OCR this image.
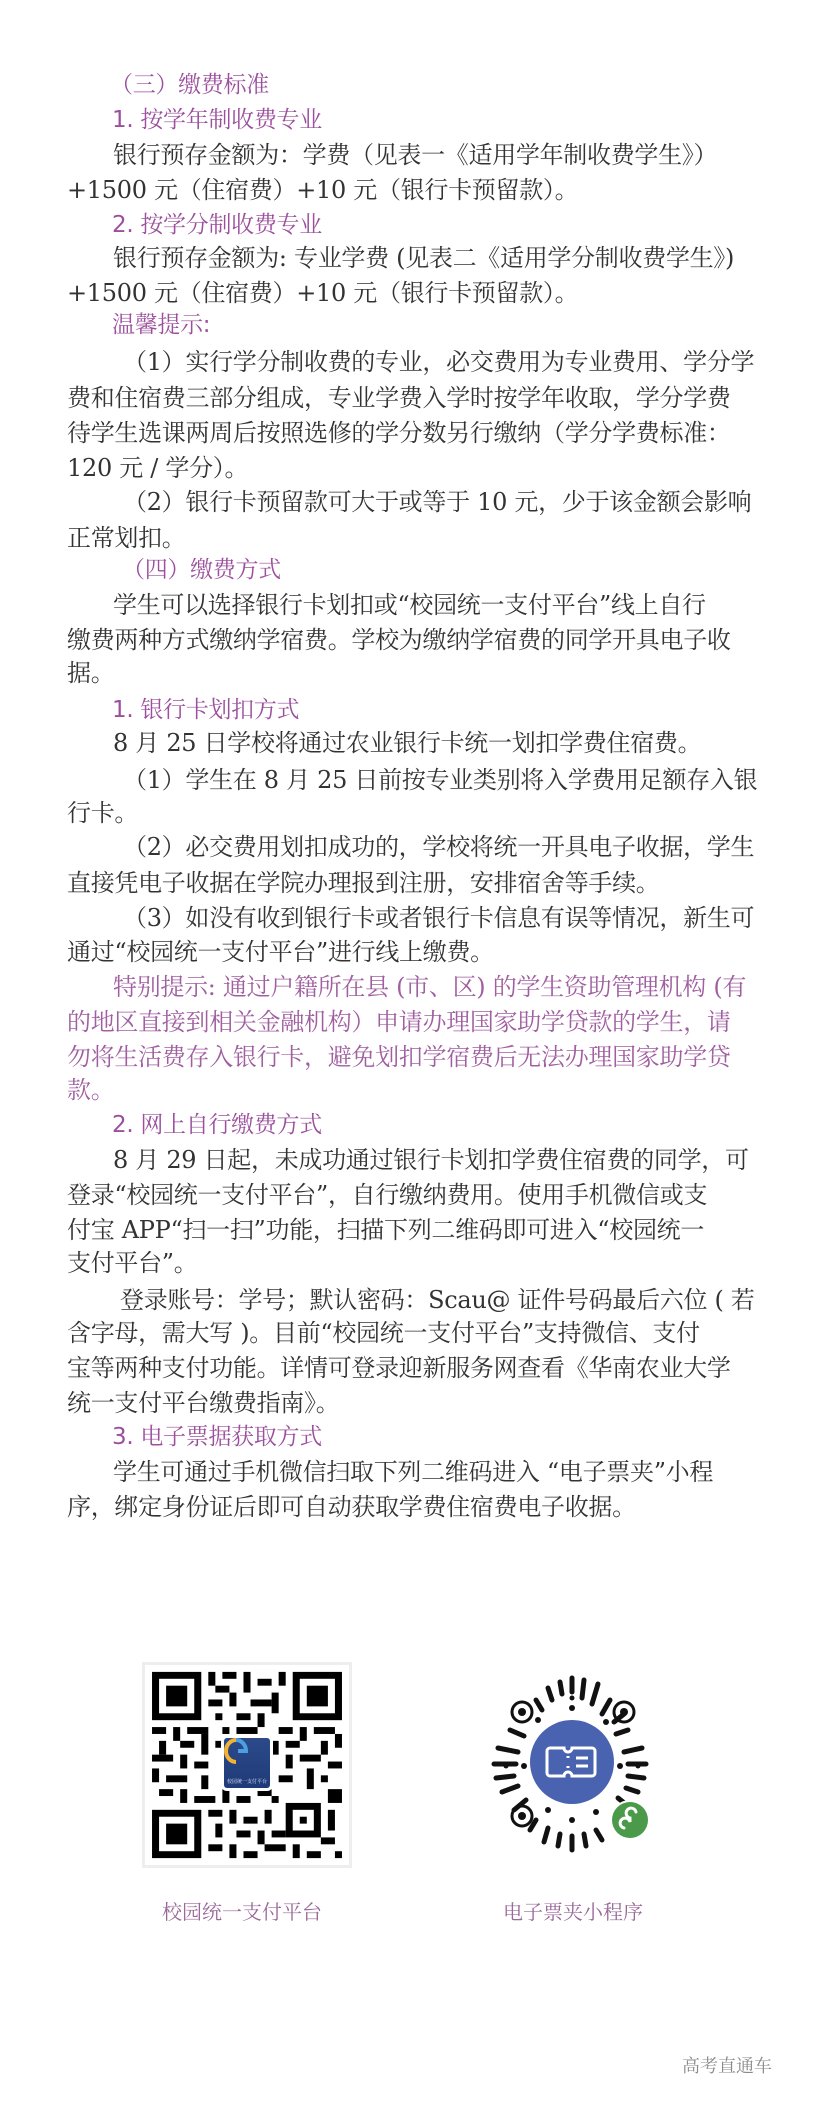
（三）缴费标准
1. 按学年制收费专业
银行预存金额为：学费（见表一《适用学年制收费学生》）
+1500 元（住宿费）+10 元（银行卡预留款）。
2. 按学分制收费专业
银行预存金额为: 专业学费 (见表二《适用学分制收费学生》)
+1500 元（住宿费）+10 元（银行卡预留款）。
温馨提示:
（1）实行学分制收费的专业，必交费用为专业费用、学分学
费和住宿费三部分组成，专业学费入学时按学年收取，学分学费
待学生选课两周后按照选修的学分数另行缴纳（学分学费标准：
120 元 / 学分）。
（2）银行卡预留款可大于或等于 10 元，少于该金额会影响
正常划扣。
（四）缴费方式
学生可以选择银行卡划扣或“校园统一支付平台”线上自行
缴费两种方式缴纳学宿费。学校为缴纳学宿费的同学开具电子收
据。
1. 银行卡划扣方式
8 月 25 日学校将通过农业银行卡统一划扣学费住宿费。
（1）学生在 8 月 25 日前按专业类别将入学费用足额存入银
行卡。
（2）必交费用划扣成功的，学校将统一开具电子收据，学生
直接凭电子收据在学院办理报到注册，安排宿舍等手续。
（3）如没有收到银行卡或者银行卡信息有误等情况，新生可
通过“校园统一支付平台”进行线上缴费。
特别提示: 通过户籍所在县 (市、区) 的学生资助管理机构 (有
的地区直接到相关金融机构）申请办理国家助学贷款的学生，请
勿将生活费存入银行卡，避免划扣学宿费后无法办理国家助学贷
款。
2. 网上自行缴费方式
8 月 29 日起，未成功通过银行卡划扣学费住宿费的同学，可
登录“校园统一支付平台”，自行缴纳费用。使用手机微信或支
付宝 APP“扫一扫”功能，扫描下列二维码即可进入“校园统一
支付平台”。
登录账号：学号；默认密码：Scau@ 证件号码最后六位 ( 若
含字母，需大写 )。目前“校园统一支付平台”支持微信、支付
宝等两种支付功能。详情可登录迎新服务网查看《华南农业大学
统一支付平台缴费指南》。
3. 电子票据获取方式
学生可通过手机微信扫取下列二维码进入 “电子票夹”小程
序，绑定身份证后即可自动获取学费住宿费电子收据。
校园统一支付平台
校园统一支付平台	电子票夹小程序
高考直通车
